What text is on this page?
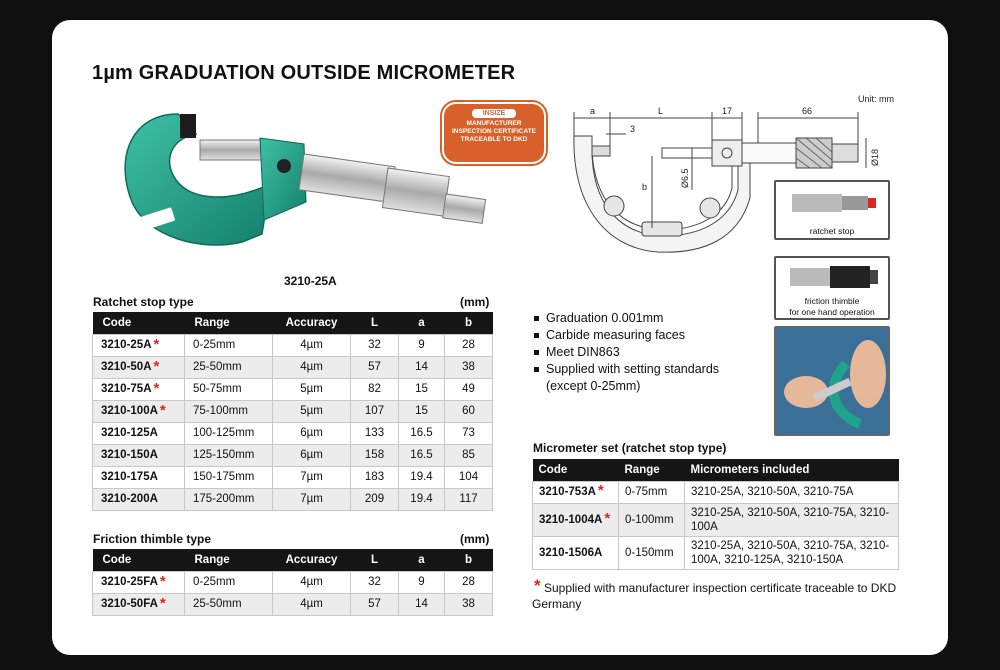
1µm GRADUATION OUTSIDE MICROMETER
3210-25A
INSIZE
MANUFACTURER
INSPECTION CERTIFICATE
TRACEABLE TO DKD
a	L	17	66
3
b	Ø6.5
Ø18
Unit: mm
ratchet stop
friction thimble
for one hand operation
Ratchet stop type	(mm)
Code	Range	Accuracy	L	a	b
3210-25A *	0-25mm	4µm	32	9	28
3210-50A *	25-50mm	4µm	57	14	38
3210-75A *	50-75mm	5µm	82	15	49
3210-100A *	75-100mm	5µm	107	15	60
3210-125A	100-125mm	6µm	133	16.5	73
3210-150A	125-150mm	6µm	158	16.5	85
3210-175A	150-175mm	7µm	183	19.4	104
3210-200A	175-200mm	7µm	209	19.4	117
Friction thimble type	(mm)
Code	Range	Accuracy	L	a	b
3210-25FA *	0-25mm	4µm	32	9	28
3210-50FA *	25-50mm	4µm	57	14	38
Graduation 0.001mm
Carbide measuring faces
Meet DIN863
Supplied with setting standards
(except 0-25mm)
Micrometer set (ratchet stop type)
Code	Range	Micrometers included
3210-753A *	0-75mm	3210-25A, 3210-50A, 3210-75A
3210-1004A *	0-100mm	3210-25A, 3210-50A, 3210-75A, 3210-100A
3210-1506A	0-150mm	3210-25A, 3210-50A, 3210-75A, 3210-100A, 3210-125A, 3210-150A
* Supplied with manufacturer inspection certificate traceable to DKD Germany
